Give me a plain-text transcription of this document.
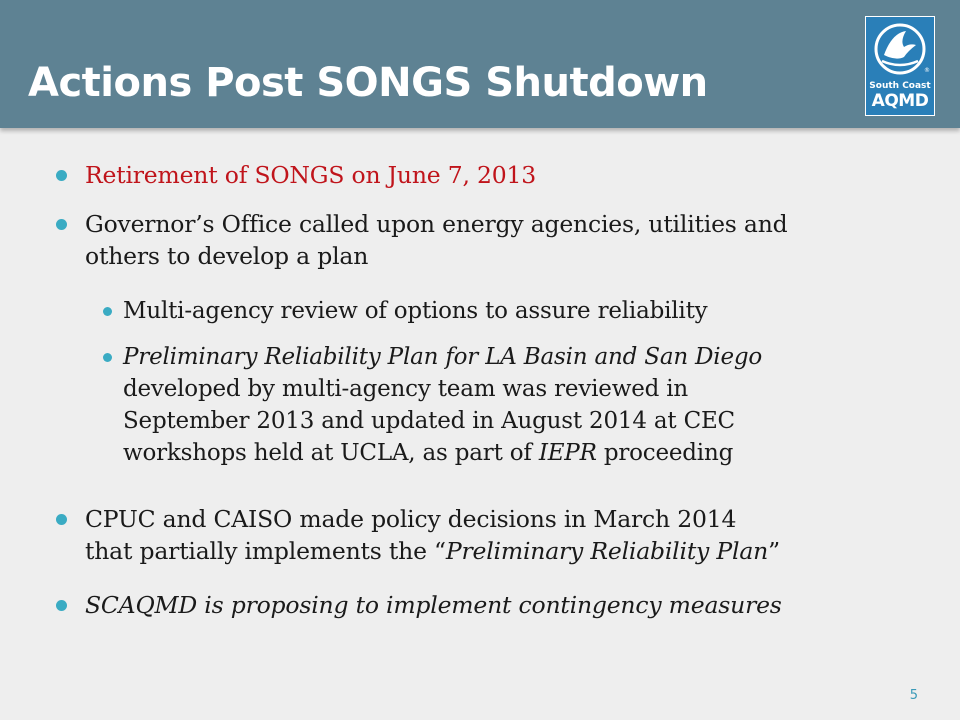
Actions Post SONGS Shutdown	®
South Coast
AQMD
Retirement of SONGS on June 7, 2013
Governor’s Office called upon energy agencies, utilities and
others to develop a plan
Multi-agency review of options to assure reliability
Preliminary Reliability Plan for LA Basin and San Diego
developed by multi-agency team was reviewed in
September 2013 and updated in August 2014 at CEC
workshops held at UCLA, as part of IEPR proceeding
CPUC and CAISO made policy decisions in March 2014
that partially implements the “Preliminary Reliability Plan”
SCAQMD is proposing to implement contingency measures
5
